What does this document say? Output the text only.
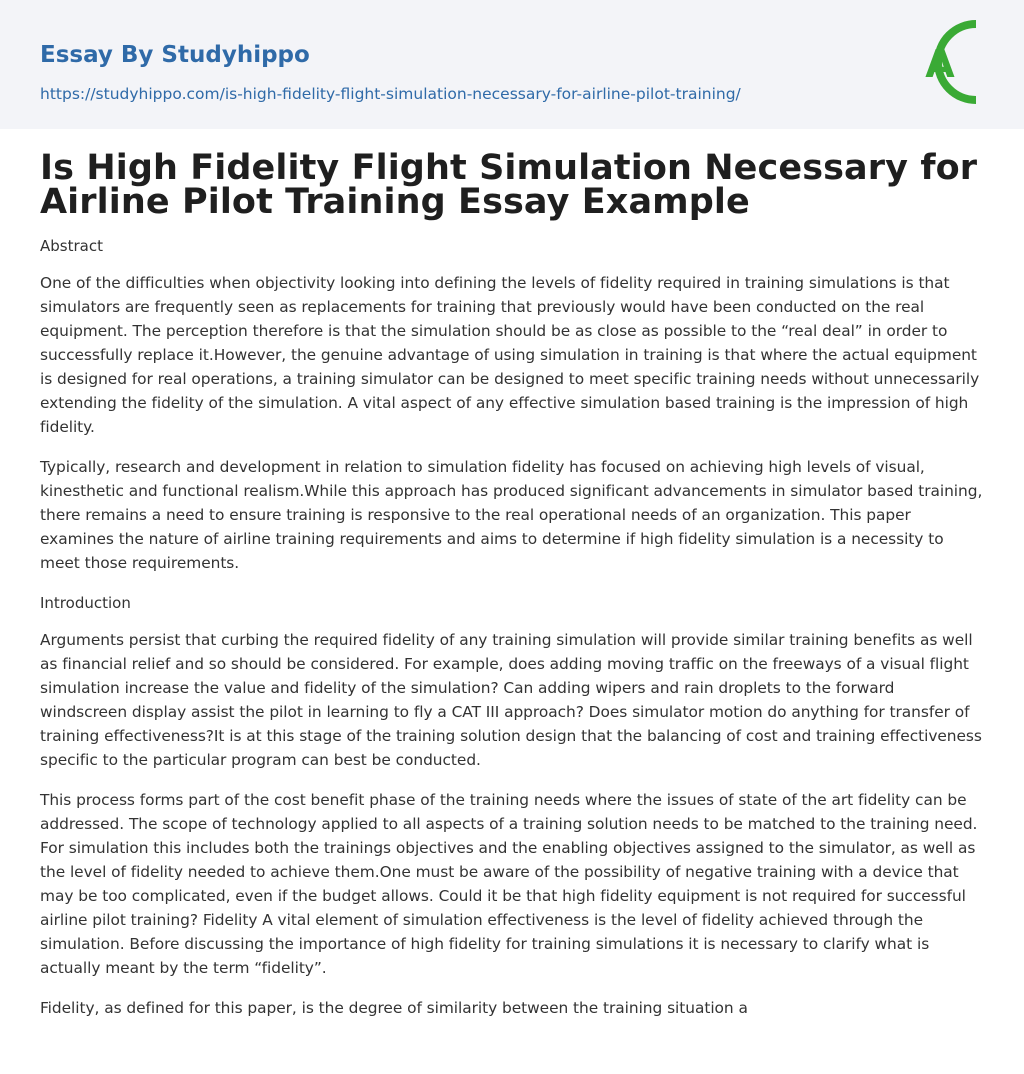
Essay By Studyhippo
https://studyhippo.com/is-high-fidelity-flight-simulation-necessary-for-airline-pilot-training/
A
Is High Fidelity Flight Simulation Necessary for Airline Pilot Training Essay Example
Abstract

One of the difficulties when objectivity looking into defining the levels of fidelity required in training simulations is that simulators are frequently seen as replacements for training that previously would have been conducted on the real equipment. The perception therefore is that the simulation should be as close as possible to the “real deal” in order to successfully replace it.However, the genuine advantage of using simulation in training is that where the actual equipment is designed for real operations, a training simulator can be designed to meet specific training needs without unnecessarily extending the fidelity of the simulation. A vital aspect of any effective simulation based training is the impression of high fidelity.

Typically, research and development in relation to simulation fidelity has focused on achieving high levels of visual, kinesthetic and functional realism.While this approach has produced significant advancements in simulator based training, there remains a need to ensure training is responsive to the real operational needs of an organization. This paper examines the nature of airline training requirements and aims to determine if high fidelity simulation is a necessity to meet those requirements.

Introduction

Arguments persist that curbing the required fidelity of any training simulation will provide similar training benefits as well as financial relief and so should be considered. For example, does adding moving traffic on the freeways of a visual flight simulation increase the value and fidelity of the simulation? Can adding wipers and rain droplets to the forward windscreen display assist the pilot in learning to fly a CAT III approach? Does simulator motion do anything for transfer of training effectiveness?It is at this stage of the training solution design that the balancing of cost and training effectiveness specific to the particular program can best be conducted.

This process forms part of the cost benefit phase of the training needs where the issues of state of the art fidelity can be addressed. The scope of technology applied to all aspects of a training solution needs to be matched to the training need. For simulation this includes both the trainings objectives and the enabling objectives assigned to the simulator, as well as the level of fidelity needed to achieve them.One must be aware of the possibility of negative training with a device that may be too complicated, even if the budget allows. Could it be that high fidelity equipment is not required for successful airline pilot training? Fidelity A vital element of simulation effectiveness is the level of fidelity achieved through the simulation. Before discussing the importance of high fidelity for training simulations it is necessary to clarify what is actually meant by the term “fidelity”.

Fidelity, as defined for this paper, is the degree of similarity between the training situation a
